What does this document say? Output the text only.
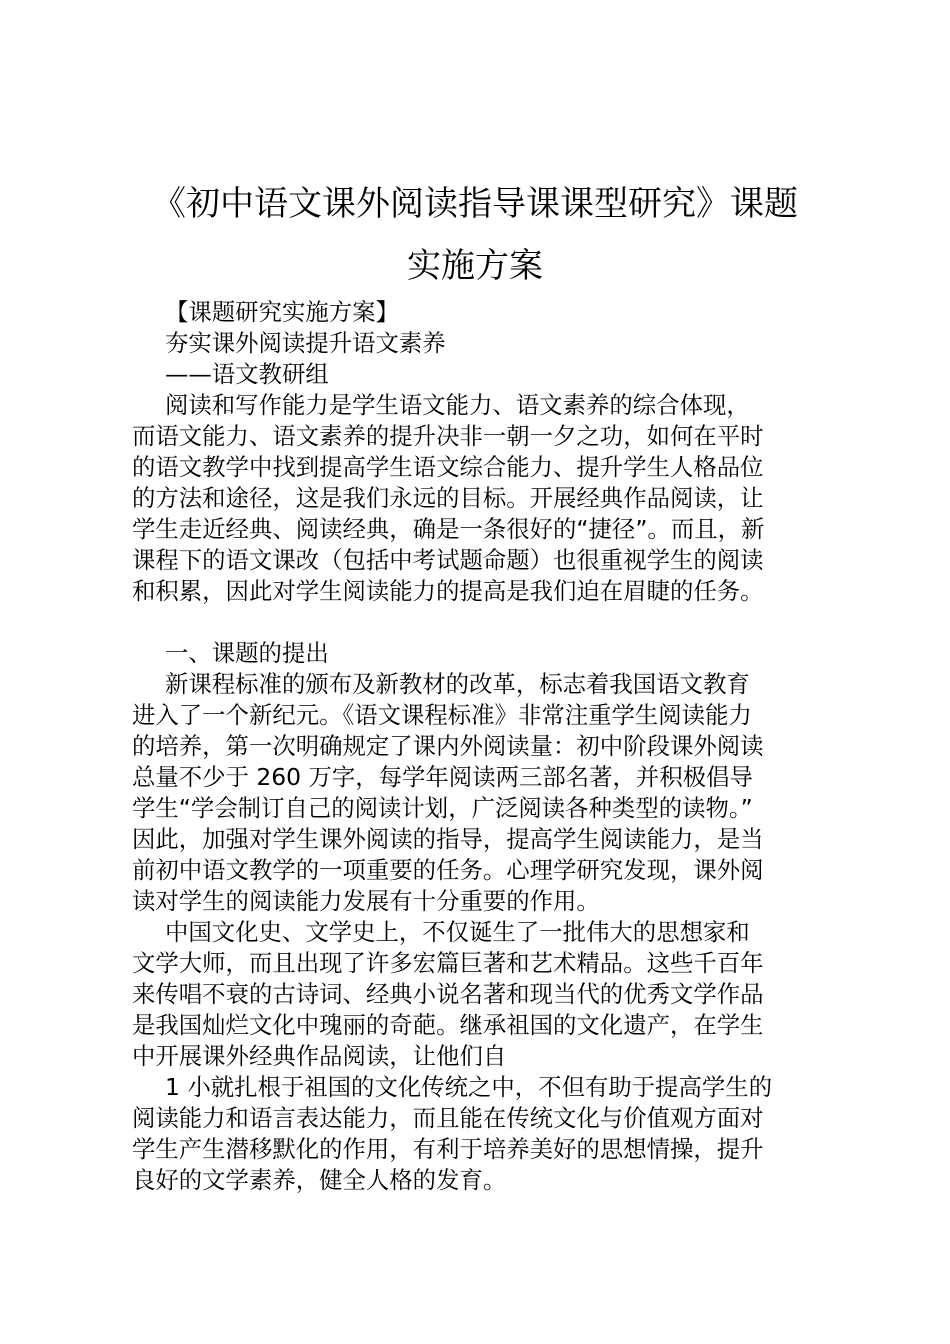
《初中语文课外阅读指导课课型研究》课题
实施方案
【课题研究实施方案】
夯实课外阅读提升语文素养
——语文教研组
阅读和写作能力是学生语文能力、语文素养的综合体现，
而语文能力、语文素养的提升决非一朝一夕之功，如何在平时
的语文教学中找到提高学生语文综合能力、提升学生人格品位
的方法和途径，这是我们永远的目标。开展经典作品阅读，让
学生走近经典、阅读经典，确是一条很好的“捷径”。而且，新
课程下的语文课改（包括中考试题命题）也很重视学生的阅读
和积累，因此对学生阅读能力的提高是我们迫在眉睫的任务。
一、课题的提出
新课程标准的颁布及新教材的改革，标志着我国语文教育
进入了一个新纪元。《语文课程标准》非常注重学生阅读能力
的培养，第一次明确规定了课内外阅读量：初中阶段课外阅读
总量不少于 260 万字，每学年阅读两三部名著，并积极倡导
学生“学会制订自己的阅读计划，广泛阅读各种类型的读物。”
因此，加强对学生课外阅读的指导，提高学生阅读能力，是当
前初中语文教学的一项重要的任务。心理学研究发现，课外阅
读对学生的阅读能力发展有十分重要的作用。
中国文化史、文学史上，不仅诞生了一批伟大的思想家和
文学大师，而且出现了许多宏篇巨著和艺术精品。这些千百年
来传唱不衰的古诗词、经典小说名著和现当代的优秀文学作品
是我国灿烂文化中瑰丽的奇葩。继承祖国的文化遗产，在学生
中开展课外经典作品阅读，让他们自
1 小就扎根于祖国的文化传统之中，不但有助于提高学生的
阅读能力和语言表达能力，而且能在传统文化与价值观方面对
学生产生潜移默化的作用，有利于培养美好的思想情操，提升
良好的文学素养，健全人格的发育。
